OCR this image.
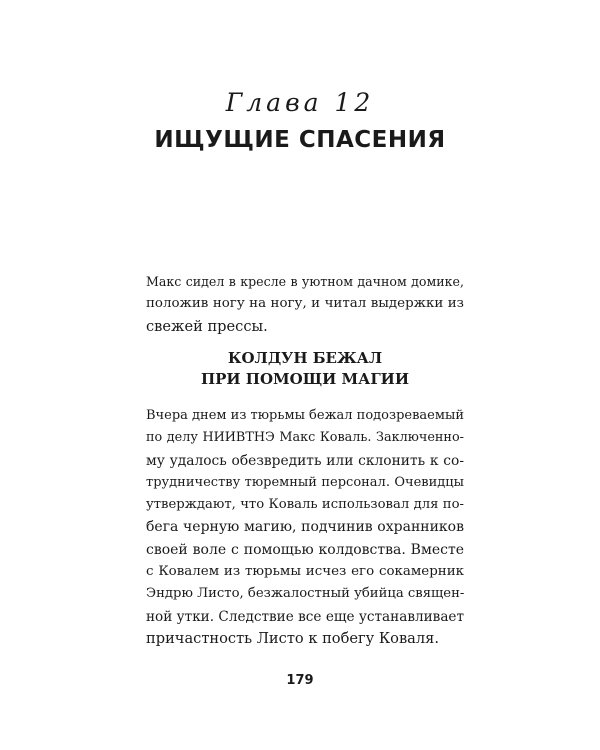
Глава 12
ИЩУЩИЕ СПАСЕНИЯ
Макс сидел в кресле в уютном дачном домике,
положив ногу на ногу, и читал выдержки из
свежей прессы.
КОЛДУН БЕЖАЛ
ПРИ ПОМОЩИ МАГИИ
Вчера днем из тюрьмы бежал подозреваемый
по делу НИИВТНЭ Макс Коваль. Заключенно-
му удалось обезвредить или склонить к со-
трудничеству тюремный персонал. Очевидцы
утверждают, что Коваль использовал для по-
бега черную магию, подчинив охранников
своей воле с помощью колдовства. Вместе
с Ковалем из тюрьмы исчез его сокамерник
Эндрю Листо, безжалостный убийца священ-
ной утки. Следствие все еще устанавливает
причастность Листо к побегу Коваля.
179
